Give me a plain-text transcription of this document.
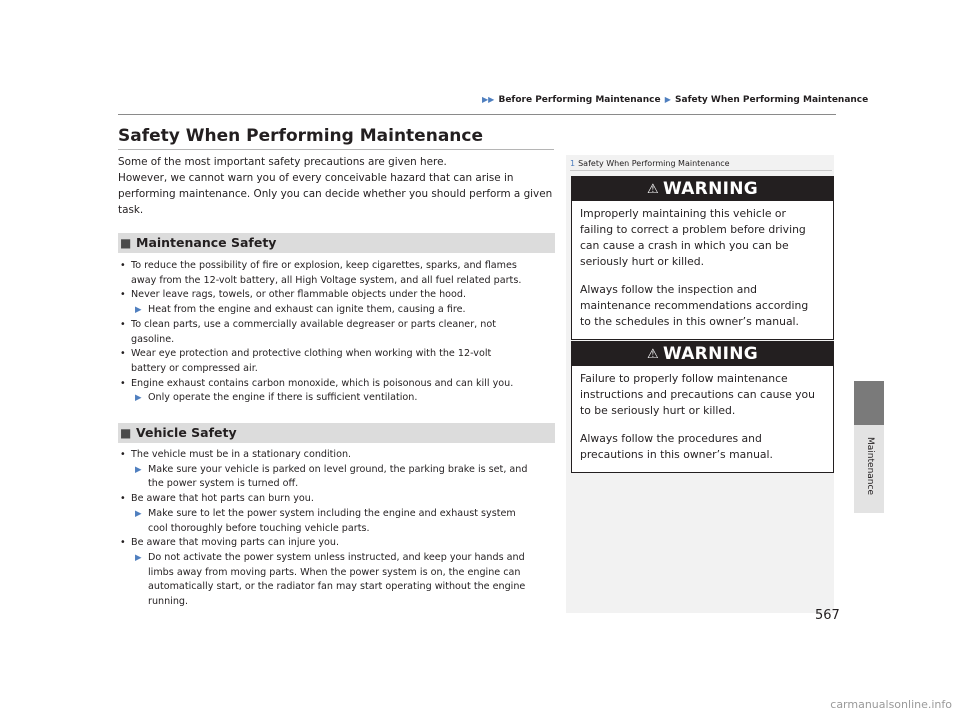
▶▶ Before Performing Maintenance ▶ Safety When Performing Maintenance
Maintenance
Safety When Performing Maintenance
Some of the most important safety precautions are given here.
However, we cannot warn you of every conceivable hazard that can arise in
performing maintenance. Only you can decide whether you should perform a given
task.
■ Maintenance Safety
• To reduce the possibility of fire or explosion, keep cigarettes, sparks, and flames
away from the 12-volt battery, all High Voltage system, and all fuel related parts.
• Never leave rags, towels, or other flammable objects under the hood.
▶ Heat from the engine and exhaust can ignite them, causing a fire.
• To clean parts, use a commercially available degreaser or parts cleaner, not
gasoline.
• Wear eye protection and protective clothing when working with the 12-volt
battery or compressed air.
• Engine exhaust contains carbon monoxide, which is poisonous and can kill you.
▶ Only operate the engine if there is sufficient ventilation.
■ Vehicle Safety
• The vehicle must be in a stationary condition.
▶ Make sure your vehicle is parked on level ground, the parking brake is set, and
the power system is turned off.
• Be aware that hot parts can burn you.
▶ Make sure to let the power system including the engine and exhaust system
cool thoroughly before touching vehicle parts.
• Be aware that moving parts can injure you.
▶ Do not activate the power system unless instructed, and keep your hands and
limbs away from moving parts. When the power system is on, the engine can
automatically start, or the radiator fan may start operating without the engine
running.
1 Safety When Performing Maintenance
⚠ WARNING
Improperly maintaining this vehicle or
failing to correct a problem before driving
can cause a crash in which you can be
seriously hurt or killed.
Always follow the inspection and
maintenance recommendations according
to the schedules in this owner’s manual.
⚠ WARNING
Failure to properly follow maintenance
instructions and precautions can cause you
to be seriously hurt or killed.
Always follow the procedures and
precautions in this owner’s manual.
567
carmanualsonline.info
